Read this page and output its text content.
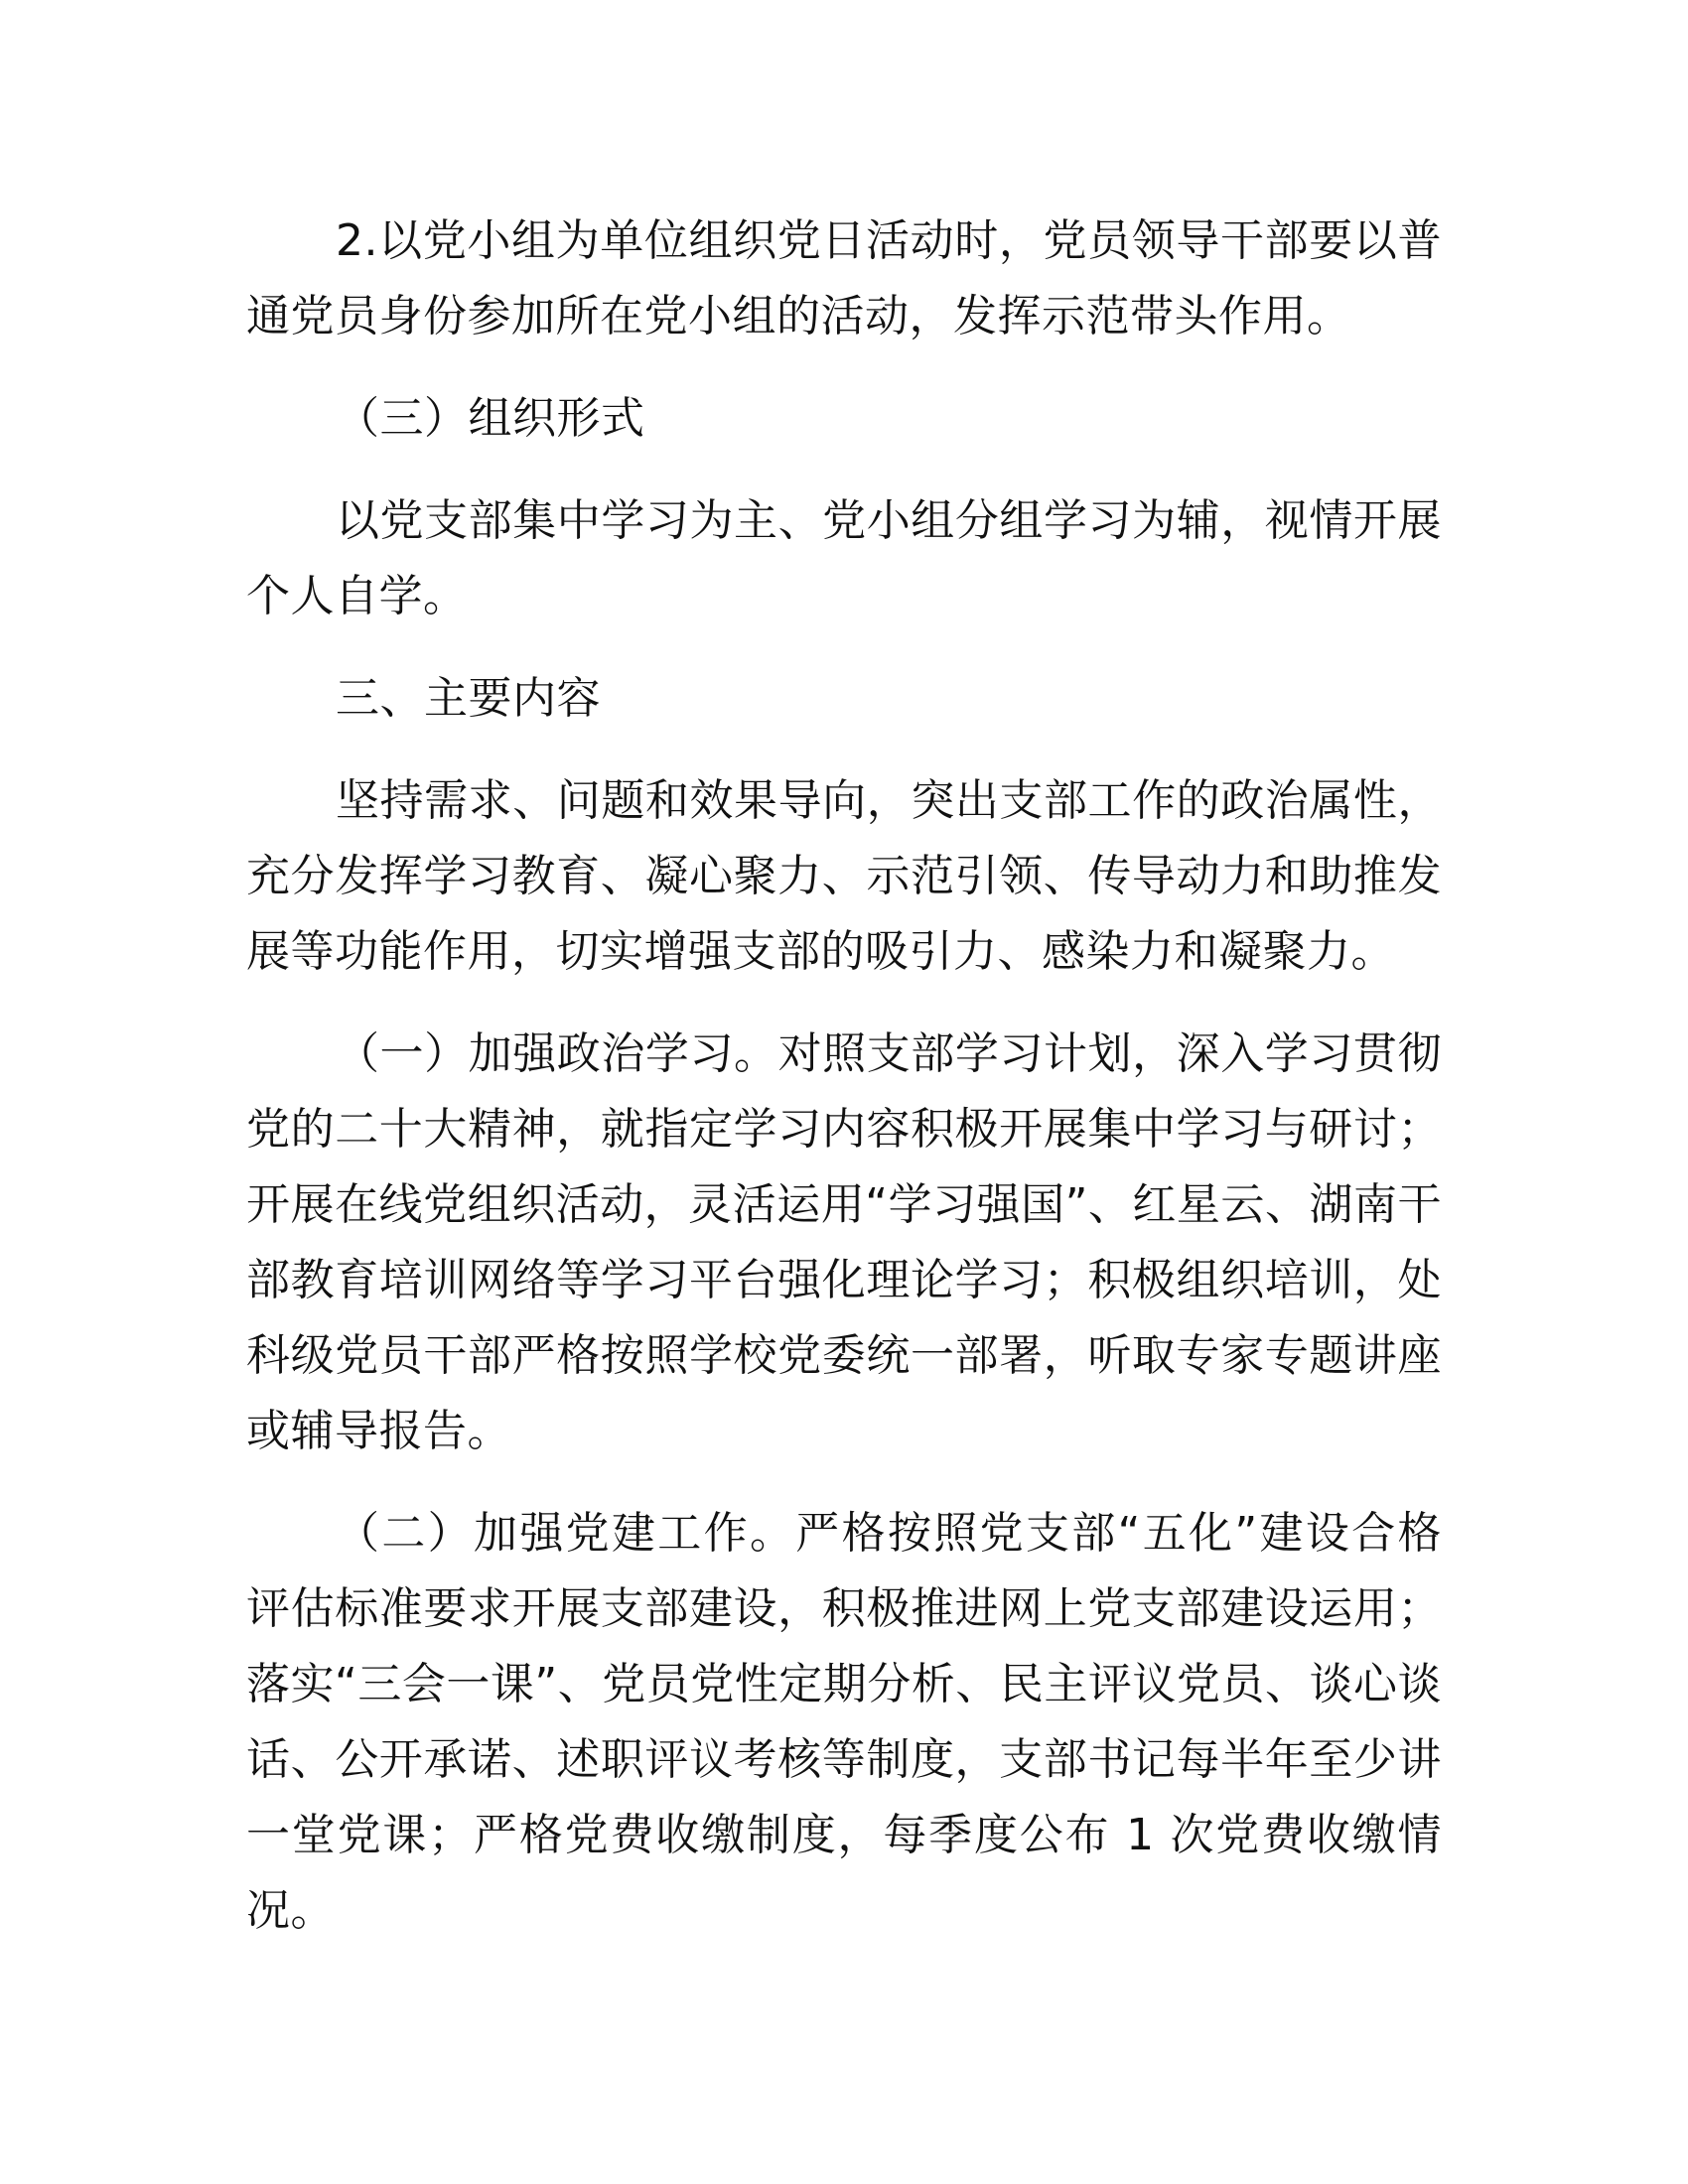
2.以党小组为单位组织党日活动时，党员领导干部要以普通党员身份参加所在党小组的活动，发挥示范带头作用。

（三）组织形式

以党支部集中学习为主、党小组分组学习为辅，视情开展个人自学。

三、主要内容

坚持需求、问题和效果导向，突出支部工作的政治属性，充分发挥学习教育、凝心聚力、示范引领、传导动力和助推发展等功能作用，切实增强支部的吸引力、感染力和凝聚力。

（一）加强政治学习。对照支部学习计划，深入学习贯彻党的二十大精神，就指定学习内容积极开展集中学习与研讨；开展在线党组织活动，灵活运用“学习强国”、红星云、湖南干部教育培训网络等学习平台强化理论学习；积极组织培训，处科级党员干部严格按照学校党委统一部署，听取专家专题讲座或辅导报告。

（二）加强党建工作。严格按照党支部“五化”建设合格评估标准要求开展支部建设，积极推进网上党支部建设运用；落实“三会一课”、党员党性定期分析、民主评议党员、谈心谈话、公开承诺、述职评议考核等制度，支部书记每半年至少讲一堂党课；严格党费收缴制度，每季度公布 1 次党费收缴情况。
